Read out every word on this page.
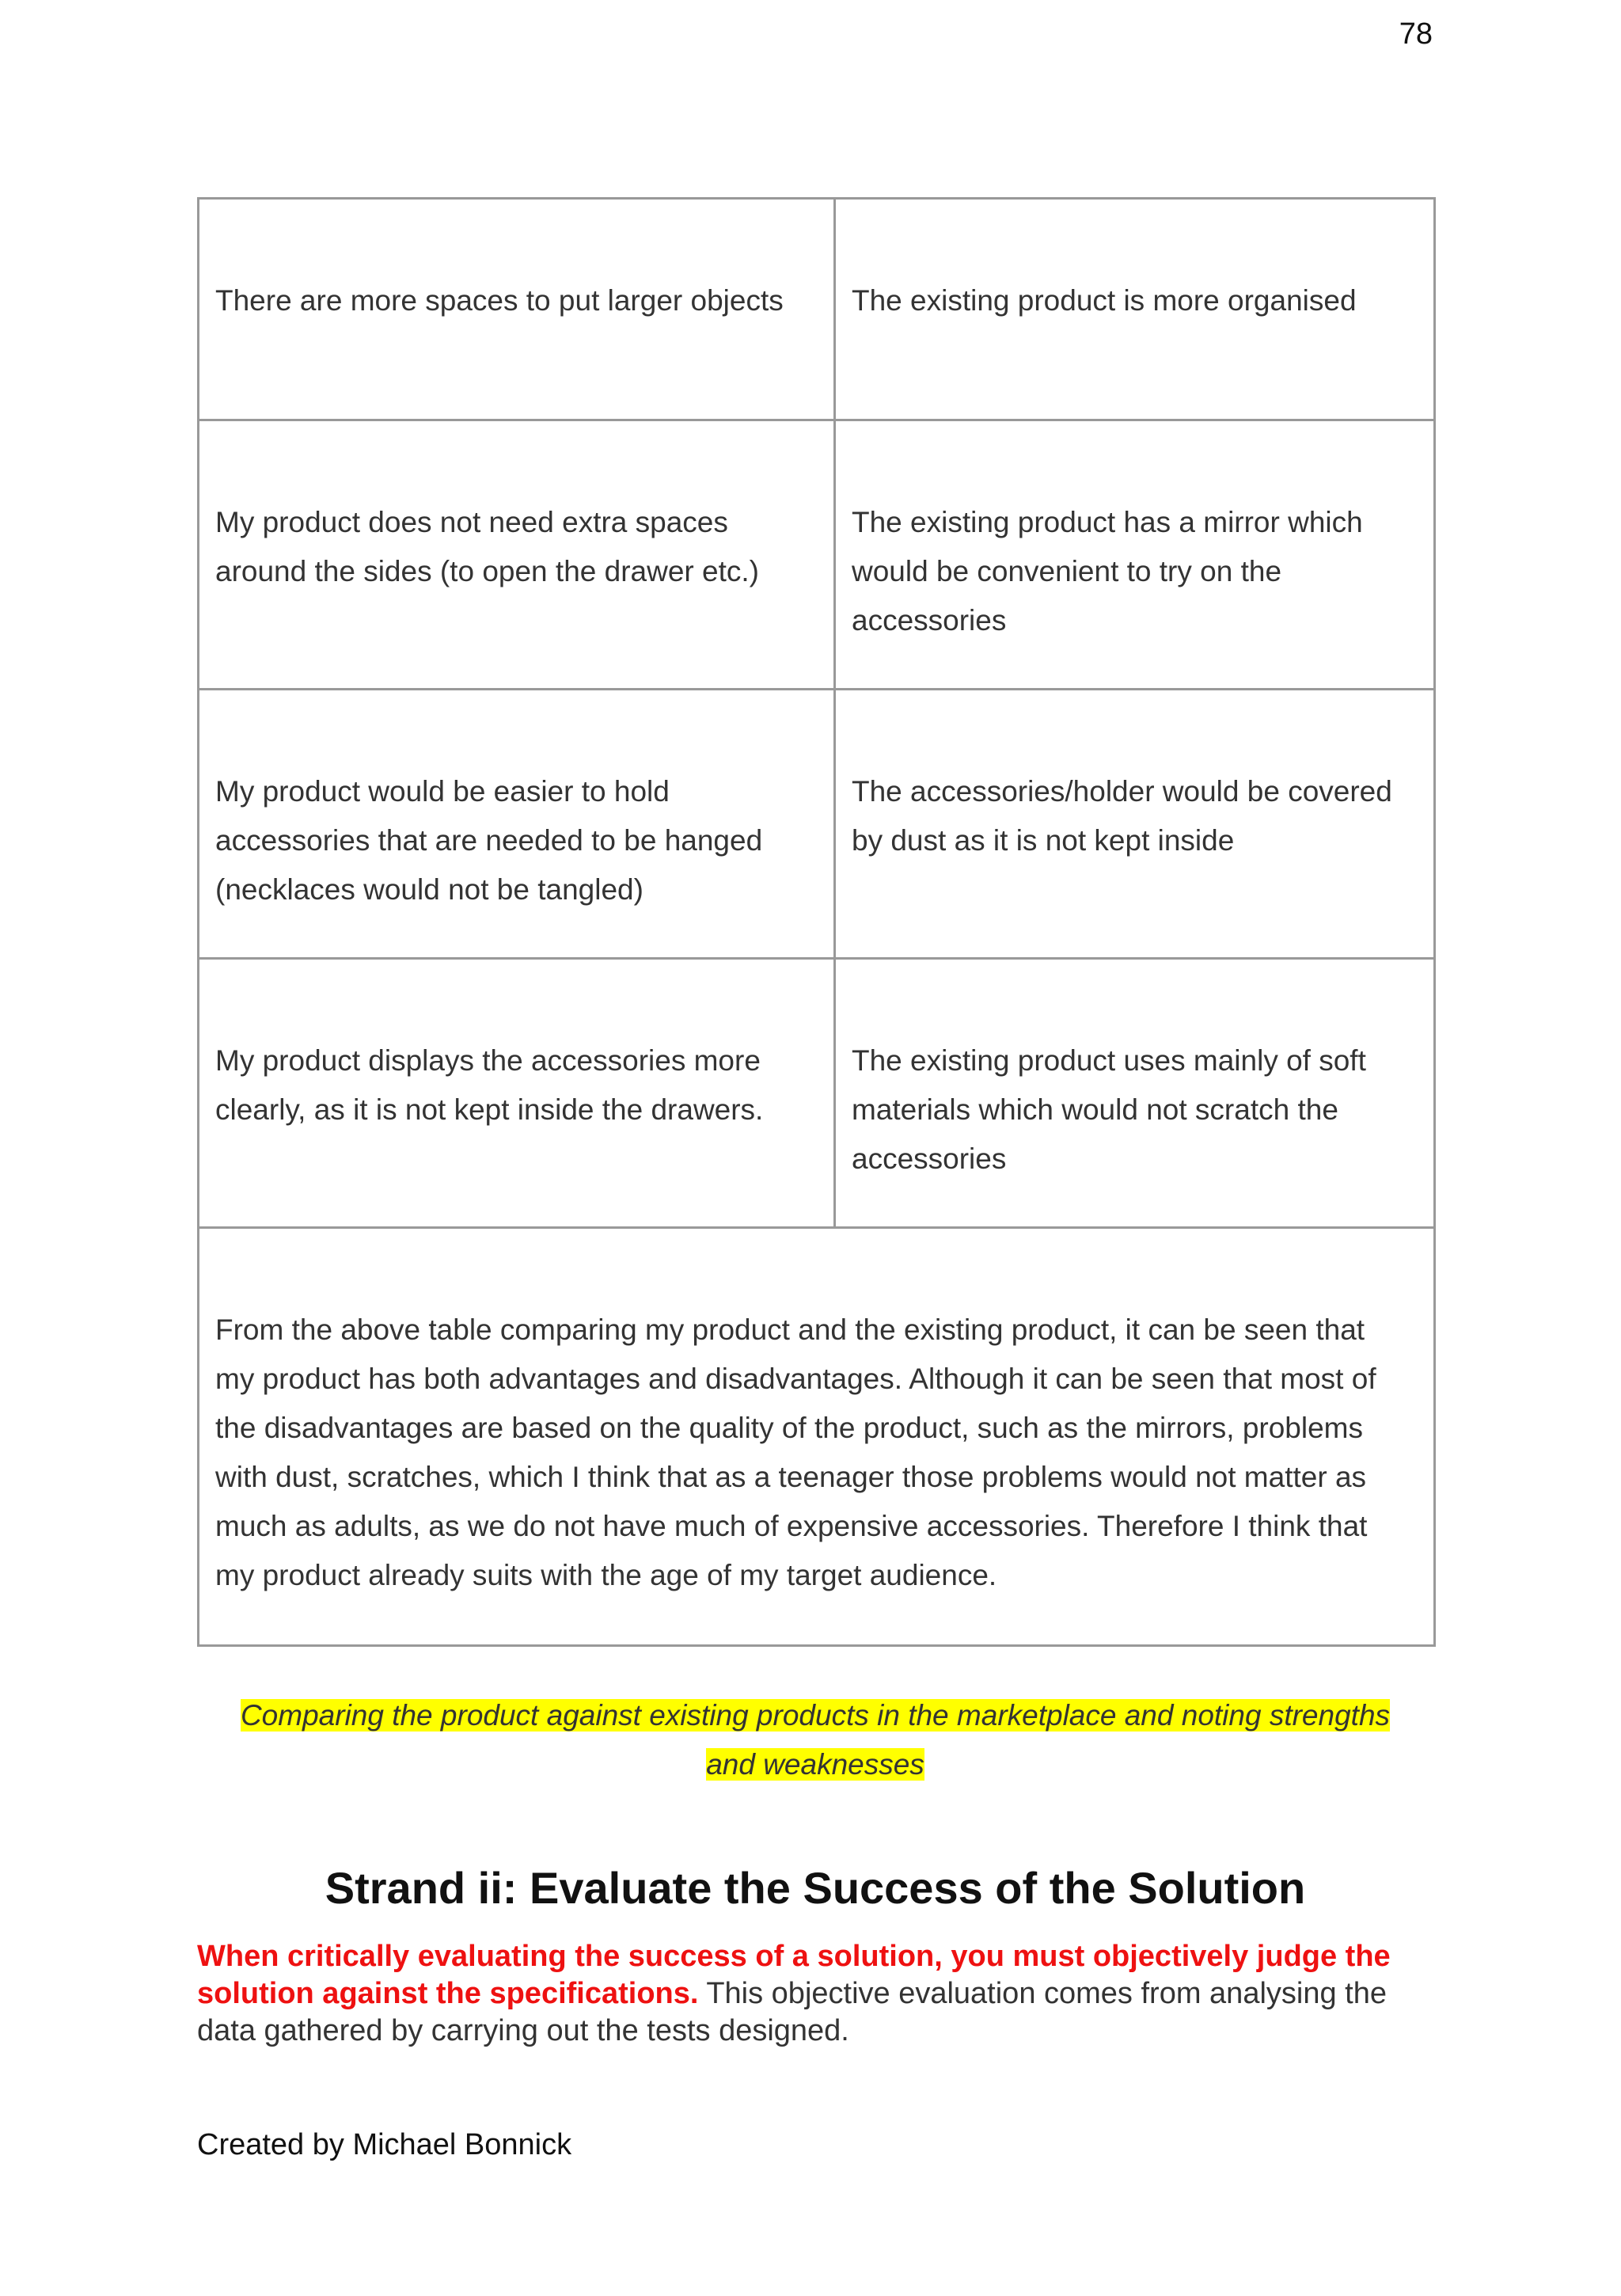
78
There are more spaces to put larger objects	The existing product is more organised
My product does not need extra spaces around the sides (to open the drawer etc.)	The existing product has a mirror which would be convenient to try on the accessories
My product would be easier to hold accessories that are needed to be hanged (necklaces would not be tangled)	The accessories/holder would be covered by dust as it is not kept inside
My product displays the accessories more clearly, as it is not kept inside the drawers.	The existing product uses mainly of soft materials which would not scratch the accessories
From the above table comparing my product and the existing product, it can be seen that my product has both advantages and disadvantages. Although it can be seen that most of the disadvantages are based on the quality of the product, such as the mirrors, problems with dust, scratches, which I think that as a teenager those problems would not matter as much as adults, as we do not have much of expensive accessories. Therefore I think that my product already suits with the age of my target audience.	
Comparing the product against existing products in the marketplace and noting strengths
and weaknesses
Strand ii: Evaluate the Success of the Solution
When critically evaluating the success of a solution, you must objectively judge the solution against the specifications. This objective evaluation comes from analysing the data gathered by carrying out the tests designed.
Created by Michael Bonnick
